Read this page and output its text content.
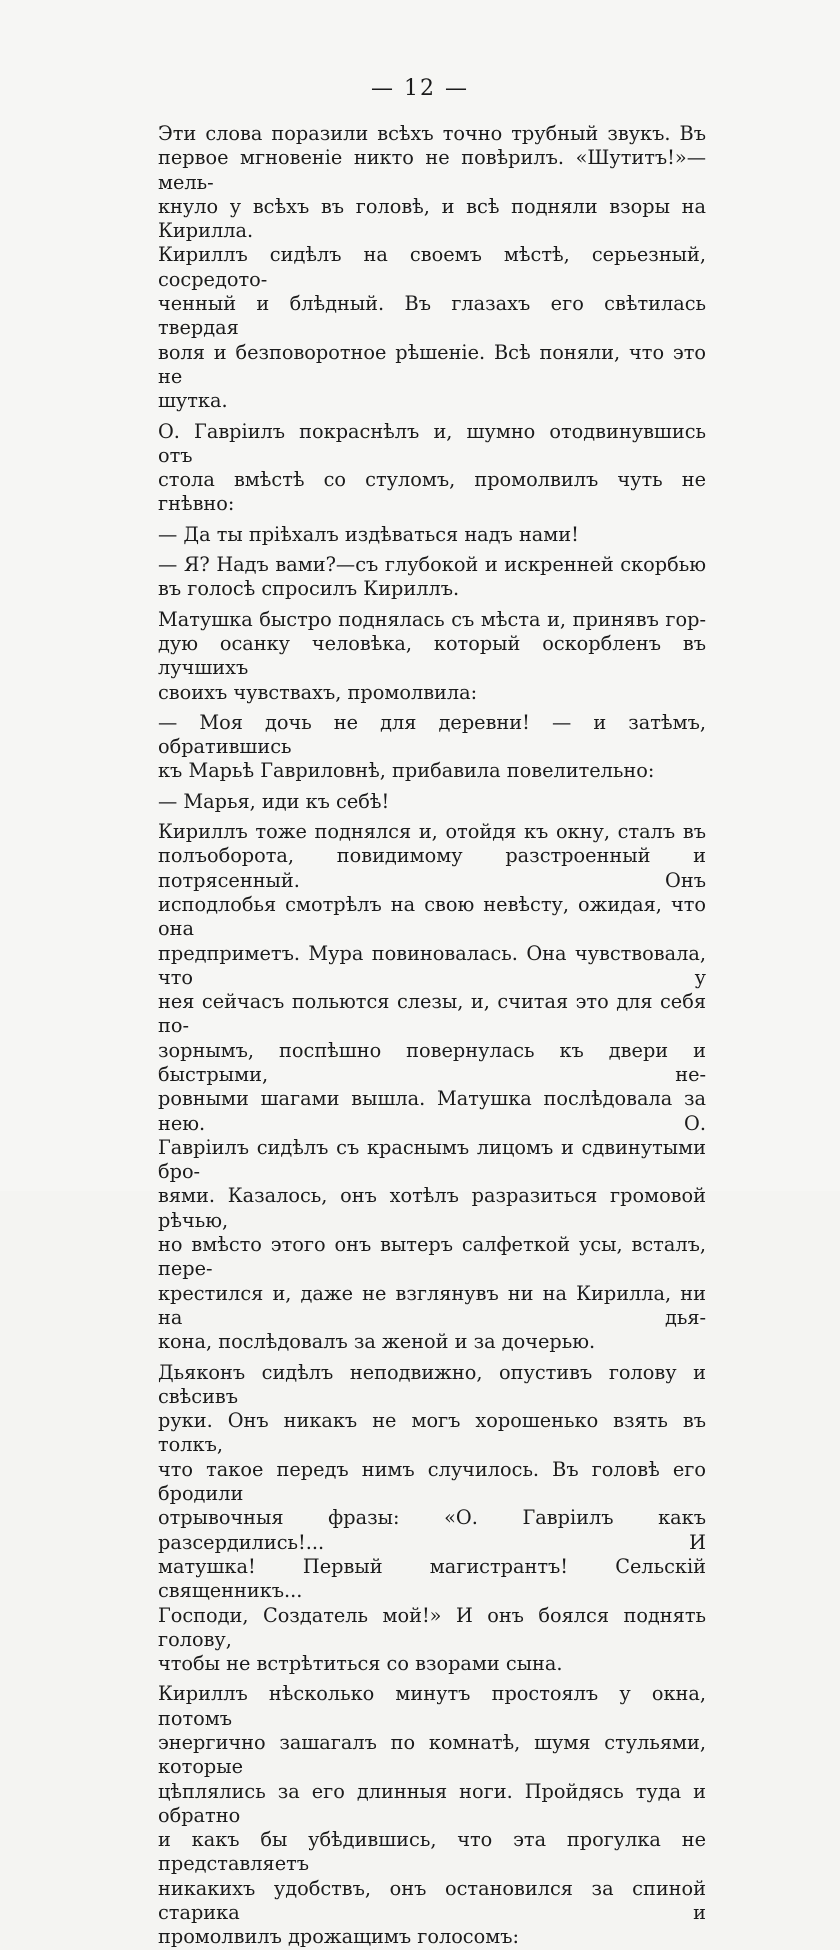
— 12 —

Эти слова поразили всѣхъ точно трубный звукъ. Въ

первое мгновеніе никто не повѣрилъ. «Шутитъ!»—мель-

кнуло у всѣхъ въ головѣ, и всѣ подняли взоры на Кирилла.

Кириллъ сидѣлъ на своемъ мѣстѣ, серьезный, сосредото-

ченный и блѣдный. Въ глазахъ его свѣтилась твердая

воля и безповоротное рѣшеніе. Всѣ поняли, что это не

шутка.

О. Гавріилъ покраснѣлъ и, шумно отодвинувшись отъ

стола вмѣстѣ со стуломъ, промолвилъ чуть не гнѣвно:

— Да ты пріѣхалъ издѣваться надъ нами!

— Я? Надъ вами?—съ глубокой и искренней скорбью

въ голосѣ спросилъ Кириллъ.

Матушка быстро поднялась съ мѣста и, принявъ гор-

дую осанку человѣка, который оскорбленъ въ лучшихъ

своихъ чувствахъ, промолвила:

— Моя дочь не для деревни! — и затѣмъ, обратившись

къ Марьѣ Гавриловнѣ, прибавила повелительно:

— Марья, иди къ себѣ!

Кириллъ тоже поднялся и, отойдя къ окну, сталъ въ

полъоборота, повидимому разстроенный и потрясенный. Онъ

исподлобья смотрѣлъ на свою невѣсту, ожидая, что она

предприметъ. Мура повиновалась. Она чувствовала, что у

нея сейчасъ польются слезы, и, считая это для себя по-

зорнымъ, поспѣшно повернулась къ двери и быстрыми, не-

ровными шагами вышла. Матушка послѣдовала за нею. О.

Гавріилъ сидѣлъ съ краснымъ лицомъ и сдвинутыми бро-

вями. Казалось, онъ хотѣлъ разразиться громовой рѣчью,

но вмѣсто этого онъ вытеръ салфеткой усы, всталъ, пере-

крестился и, даже не взглянувъ ни на Кирилла, ни на дья-

кона, послѣдовалъ за женой и за дочерью.

Дьяконъ сидѣлъ неподвижно, опустивъ голову и свѣсивъ

руки. Онъ никакъ не могъ хорошенько взять въ толкъ,

что такое передъ нимъ случилось. Въ головѣ его бродили

отрывочныя фразы: «О. Гавріилъ какъ разсердились!... И

матушка! Первый магистрантъ! Сельскій священникъ...

Господи, Создатель мой!» И онъ боялся поднять голову,

чтобы не встрѣтиться со взорами сына.

Кириллъ нѣсколько минутъ простоялъ у окна, потомъ

энергично зашагалъ по комнатѣ, шумя стульями, которые

цѣплялись за его длинныя ноги. Пройдясь туда и обратно

и какъ бы убѣдившись, что эта прогулка не представляетъ

никакихъ удобствъ, онъ остановился за спиной старика и

промолвилъ дрожащимъ голосомъ:
